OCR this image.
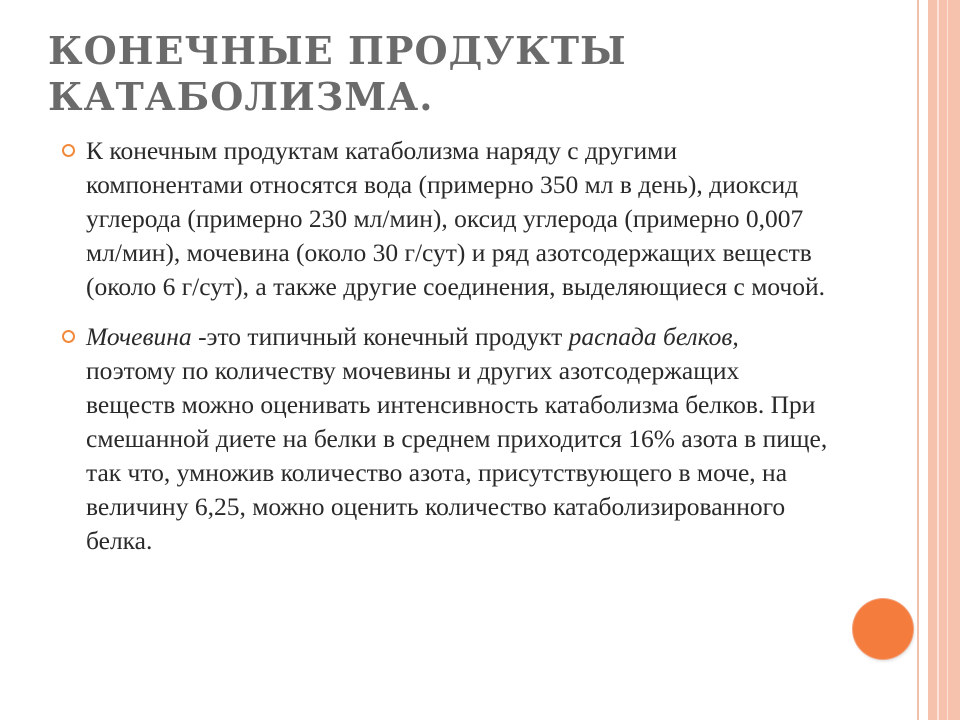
КОНЕЧНЫЕ ПРОДУКТЫ КАТАБОЛИЗМА.
К конечным продуктам катаболизма наряду с другими компонентами относятся вода (примерно 350 мл в день), диоксид углерода (примерно 230 мл/мин), оксид углерода (примерно 0,007 мл/мин), мочевина (около 30 г/сут) и ряд азотсодержащих веществ (около 6 г/сут), а также другие соединения, выделяющиеся с мочой.
Мочевина -это типичный конечный продукт распада белков, поэтому по количеству мочевины и других азотсодержащих веществ можно оценивать интенсивность катаболизма белков. При смешанной диете на белки в среднем приходится 16% азота в пище, так что, умножив количество азота, присутствующего в моче, на величину 6,25, можно оценить количество катаболизированного белка.
